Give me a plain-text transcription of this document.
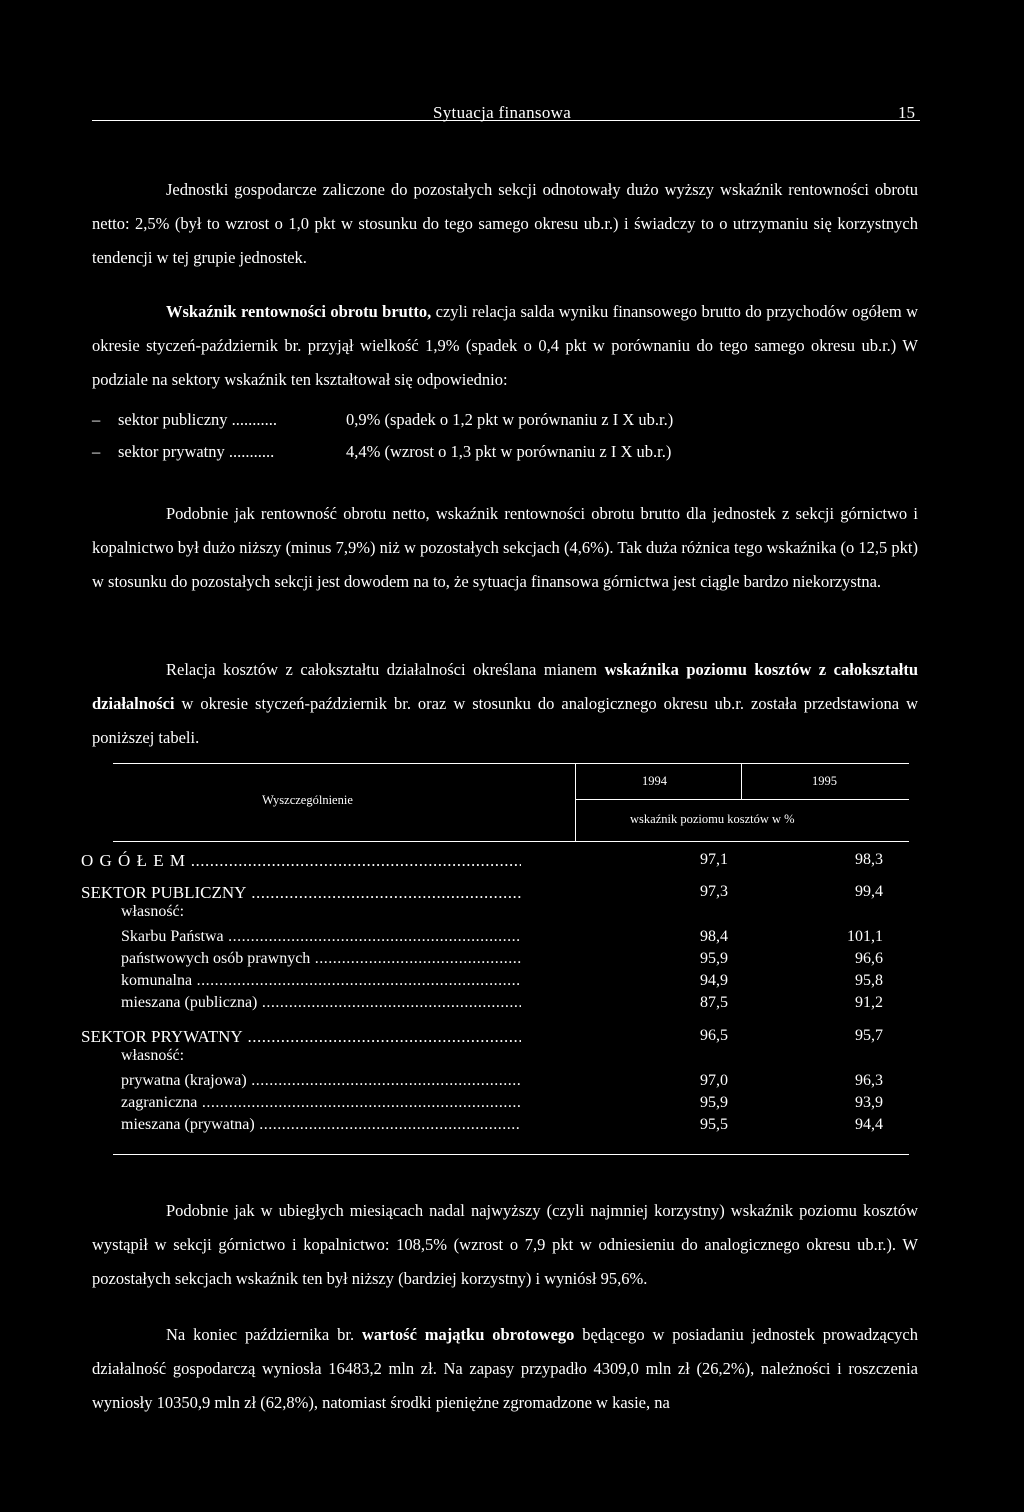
Sytuacja finansowa	15

Jednostki gospodarcze zaliczone do pozostałych sekcji odnotowały dużo wyższy wskaźnik rentowności obrotu netto: 2,5% (był to wzrost o 1,0 pkt w stosunku do tego samego okresu ub.r.) i świadczy to o utrzymaniu się korzystnych tendencji w tej grupie jednostek.

Wskaźnik rentowności obrotu brutto, czyli relacja salda wyniku finansowego brutto do przychodów ogółem w okresie styczeń-październik br. przyjął wielkość 1,9% (spadek o 0,4 pkt w porównaniu do tego samego okresu ub.r.) W podziale na sektory wskaźnik ten kształtował się odpowiednio:

– sektor publiczny ...........	0,9% (spadek o 1,2 pkt w porównaniu z I X ub.r.)
– sektor prywatny ...........	4,4% (wzrost o 1,3 pkt w porównaniu z I X ub.r.)

Podobnie jak rentowność obrotu netto, wskaźnik rentowności obrotu brutto dla jednostek z sekcji górnictwo i kopalnictwo był dużo niższy (minus 7,9%) niż w pozostałych sekcjach (4,6%). Tak duża różnica tego wskaźnika (o 12,5 pkt) w stosunku do pozostałych sekcji jest dowodem na to, że sytuacja finansowa górnictwa jest ciągle bardzo niekorzystna.

Relacja kosztów z całokształtu działalności określana mianem wskaźnika poziomu kosztów z całokształtu działalności w okresie styczeń-październik br. oraz w stosunku do analogicznego okresu ub.r. została przedstawiona w poniższej tabeli.

Wyszczególnienie
1994	1995
wskaźnik poziomu kosztów w %
O G Ó Ł E M .....	97,1	98,3
SEKTOR PUBLICZNY .....	97,3	99,4
własność:
Skarbu Państwa .....	98,4	101,1
państwowych osób prawnych .....	95,9	96,6
komunalna .....	94,9	95,8
mieszana (publiczna) .....	87,5	91,2
SEKTOR PRYWATNY .....	96,5	95,7
własność:
prywatna (krajowa) .....	97,0	96,3
zagraniczna .....	95,9	93,9
mieszana (prywatna) .....	95,5	94,4

Podobnie jak w ubiegłych miesiącach nadal najwyższy (czyli najmniej korzystny) wskaźnik poziomu kosztów wystąpił w sekcji górnictwo i kopalnictwo: 108,5% (wzrost o 7,9 pkt w odniesieniu do analogicznego okresu ub.r.). W pozostałych sekcjach wskaźnik ten był niższy (bardziej korzystny) i wyniósł 95,6%.

Na koniec października br. wartość majątku obrotowego będącego w posiadaniu jednostek prowadzących działalność gospodarczą wyniosła 16483,2 mln zł. Na zapasy przypadło 4309,0 mln zł (26,2%), należności i roszczenia wyniosły 10350,9 mln zł (62,8%), natomiast środki pieniężne zgromadzone w kasie, na
